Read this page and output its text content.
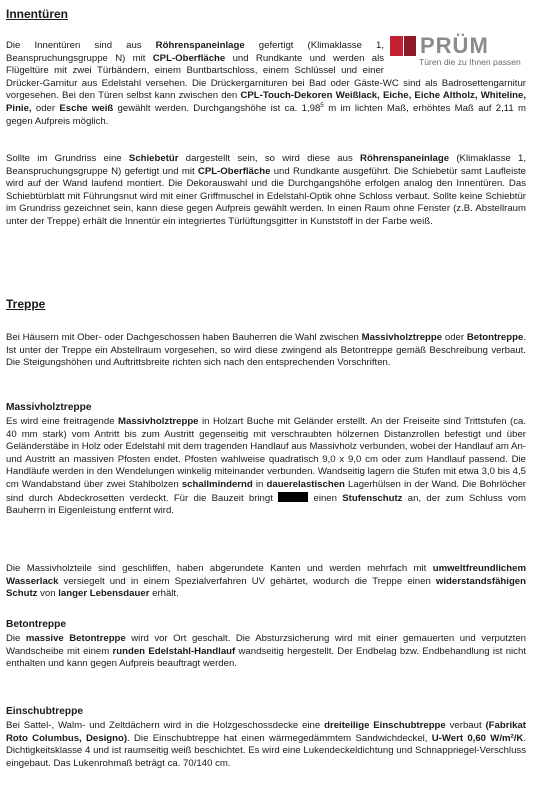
PRÜM
Türen die zu Ihnen passen
Innentüren

Die Innentüren sind aus Röhrenspaneinlage gefertigt (Klimaklasse 1, Beanspruchungsgruppe N) mit CPL-Oberfläche und Rundkante und werden als Flügeltüre mit zwei Türbändern, einem Buntbartschloss, einem Schlüssel und einer Drücker-Garnitur aus Edelstahl versehen. Die Drückergarnituren bei Bad oder Gäste-WC sind als Badrosettengarnitur vorgesehen. Bei den Türen selbst kann zwischen den CPL-Touch-Dekoren Weißlack, Eiche, Eiche Altholz, Whiteline, Pinie, oder Esche weiß gewählt werden. Durchgangshöhe ist ca. 1,98$^5$ m im lichten Maß, erhöhtes Maß auf 2,11 m gegen Aufpreis möglich.

Sollte im Grundriss eine Schiebetür dargestellt sein, so wird diese aus Röhrenspaneinlage (Klimaklasse 1, Beanspruchungsgruppe N) gefertigt und mit CPL-Oberfläche und Rundkante ausgeführt. Die Schiebetür samt Laufleiste wird auf der Wand laufend montiert. Die Dekorauswahl und die Durchgangshöhe erfolgen analog den Innentüren. Das Schiebtürblatt mit Führungsnut wird mit einer Griffmuschel in Edelstahl-Optik ohne Schloss verbaut. Sollte keine Schiebtür im Grundriss gezeichnet sein, kann diese gegen Aufpreis gewählt werden. In einen Raum ohne Fenster (z.B. Abstellraum unter der Treppe) erhält die Innentür ein integriertes Türlüftungsgitter in Kunststoff in der Farbe weiß.

Treppe

Bei Häusern mit Ober- oder Dachgeschossen haben Bauherren die Wahl zwischen Massivholztreppe oder Betontreppe. Ist unter der Treppe ein Abstellraum vorgesehen, so wird diese zwingend als Betontreppe gemäß Beschreibung verbaut. Die Steigungshöhen und Auftrittsbreite richten sich nach den entsprechenden Vorschriften.

Massivholztreppe

Es wird eine freitragende Massivholztreppe in Holzart Buche mit Geländer erstellt. An der Freiseite sind Trittstufen (ca. 40 mm stark) vom Antritt bis zum Austritt gegenseitig mit verschraubten hölzernen Distanzrollen befestigt und über Geländerstäbe in Holz oder Edelstahl mit dem tragenden Handlauf aus Massivholz verbunden, wobei der Handlauf am An- und Austritt an massiven Pfosten endet. Pfosten wahlweise quadratisch 9,0 x 9,0 cm oder zum Handlauf passend. Die Handläufe werden in den Wendelungen winkelig miteinander verbunden. Wandseitig lagern die Stufen mit etwa 3,0 bis 4,5 cm Wandabstand über zwei Stahlbolzen schallmindernd in dauerelastischen Lagerhülsen in der Wand. Die Bohrlöcher sind durch Abdeckrosetten verdeckt. Für die Bauzeit bringt	einen Stufenschutz an, der zum Schluss vom Bauherrn in Eigenleistung entfernt wird.

Die Massivholzteile sind geschliffen, haben abgerundete Kanten und werden mehrfach mit umweltfreundlichem Wasserlack versiegelt und in einem Spezialverfahren UV gehärtet, wodurch die Treppe einen widerstandsfähigen Schutz von langer Lebensdauer erhält.

Betontreppe

Die massive Betontreppe wird vor Ort geschalt. Die Absturzsicherung wird mit einer gemauerten und verputzten Wandscheibe mit einem runden Edelstahl-Handlauf wandseitig hergestellt. Der Endbelag bzw. Endbehandlung ist nicht enthalten und kann gegen Aufpreis beauftragt werden.

Einschubtreppe

Bei Sattel-, Walm- und Zeltdächern wird in die Holzgeschossdecke eine dreiteilige Einschubtreppe verbaut (Fabrikat Roto Columbus, Designo). Die Einschubtreppe hat einen wärmegedämmtem Sandwichdeckel, U-Wert 0,60 W/m²/K. Dichtigkeitsklasse 4 und ist raumseitig weiß beschichtet. Es wird eine Lukendeckeldichtung und Schnappriegel-Verschluss eingebaut. Das Lukenrohmaß beträgt ca. 70/140 cm.
